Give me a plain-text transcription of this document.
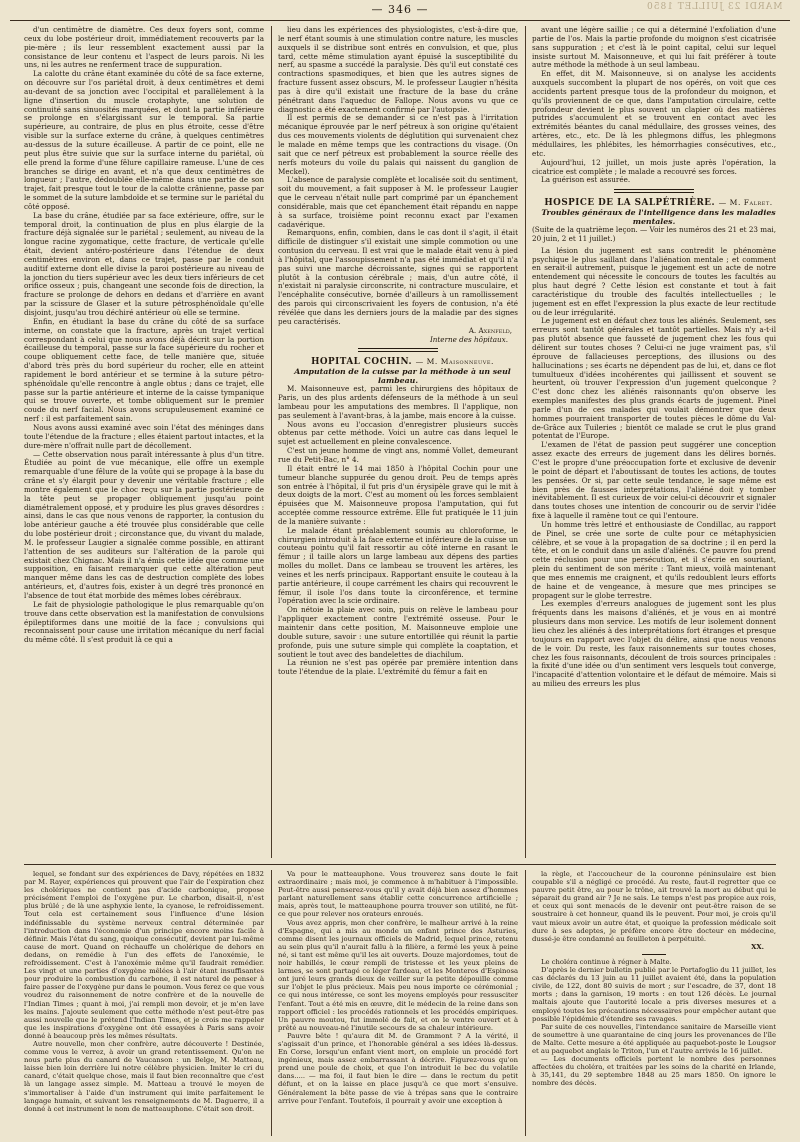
MARDI 23 JUILLET 1850
— 346 —

d'un centimètre de diamètre. Ces deux foyers sont, comme ceux du lobe postérieur droit, immédiatement recouverts par la pie-mère ; ils leur ressemblent exactement aussi par la consistance de leur contenu et l'aspect de leurs parois. Ni les uns, ni les autres ne renferment trace de suppuration.

La calotte du crâne étant examinée du côté de sa face externe, on découvre sur l'os pariétal droit, à deux centimètres et demi au-devant de sa jonction avec l'occipital et parallèlement à la ligne d'insertion du muscle crotaphyte, une solution de continuité sans sinuosités marquées, et dont la partie inférieure se prolonge en s'élargissant sur le temporal. Sa partie supérieure, au contraire, de plus en plus étroite, cesse d'être visible sur la surface externe du crâne, à quelques centimètres au-dessus de la suture écailleuse. A partir de ce point, elle ne peut plus être suivie que sur la surface interne du pariétal, où elle prend la forme d'une fêlure capillaire rameuse. L'une de ces branches se dirige en avant, et n'a que deux centimètres de longueur ; l'autre, dédoublée elle-même dans une partie de son trajet, fait presque tout le tour de la calotte crânienne, passe par le sommet de la suture lambdoïde et se termine sur le pariétal du côté opposé.

La base du crâne, étudiée par sa face extérieure, offre, sur le temporal droit, la continuation de plus en plus élargie de la fracture déjà signalée sur le pariétal ; seulement, au niveau de la longue racine zygomatique, cette fracture, de verticale qu'elle était, devient antéro-postérieure dans l'étendue de deux centimètres environ et, dans ce trajet, passe par le conduit auditif externe dont elle divise la paroi postérieure au niveau de la jonction du tiers supérieur avec les deux tiers inférieurs de cet orifice osseux ; puis, changeant une seconde fois de direction, la fracture se prolonge de dehors en dedans et d'arrière en avant par la scissure de Glaser et la suture pétrosphénoïdale qu'elle disjoint, jusqu'au trou déchiré antérieur où elle se termine.

Enfin, en étudiant la base du crâne du côté de sa surface interne, on constate que la fracture, après un trajet vertical correspondant à celui que nous avons déjà décrit sur la portion écailleuse du temporal, passe sur la face supérieure du rocher et coupe obliquement cette face, de telle manière que, située d'abord très près du bord supérieur du rocher, elle en atteint rapidement le bord antérieur et se termine à la suture pétro-sphénoïdale qu'elle rencontre à angle obtus ; dans ce trajet, elle passe sur la partie antérieure et interne de la caisse tympanique qui se trouve ouverte, et tombe obliquement sur le premier coude du nerf facial. Nous avons scrupuleusement examiné ce nerf : il est parfaitement sain.

Nous avons aussi examiné avec soin l'état des méninges dans toute l'étendue de la fracture ; elles étaient partout intactes, et la dure-mère n'offrait nulle part de décollement.

— Cette observation nous paraît intéressante à plus d'un titre. Étudiée au point de vue mécanique, elle offre un exemple remarquable d'une fêlure de la voûte qui se propage à la base du crâne et s'y élargit pour y devenir une véritable fracture ; elle montre également que le choc reçu sur la partie postérieure de la tête peut se propager obliquement jusqu'au point diamétralement opposé, et y produire les plus graves désordres : ainsi, dans le cas que nous venons de rapporter, la contusion du lobe antérieur gauche a été trouvée plus considérable que celle du lobe postérieur droit ; circonstance que, du vivant du malade, M. le professeur Laugier a signalée comme possible, en attirant l'attention de ses auditeurs sur l'altération de la parole qui existait chez Chignac. Mais il n'a émis cette idée que comme une supposition, en faisant remarquer que cette altération peut manquer même dans les cas de destruction complète des lobes antérieurs, et, d'autres fois, exister à un degré très prononcé en l'absence de tout état morbide des mêmes lobes cérébraux.

Le fait de physiologie pathologique le plus remarquable qu'on trouve dans cette observation est la manifestation de convulsions épileptiformes dans une moitié de la face ; convulsions qui reconnaissent pour cause une irritation mécanique du nerf facial du même côté. Il s'est produit là ce qui a

lieu dans les expériences des physiologistes, c'est-à-dire que, le nerf étant soumis à une stimulation contre nature, les muscles auxquels il se distribue sont entrés en convulsion, et que, plus tard, cette même stimulation ayant épuisé la susceptibilité du nerf, au spasme a succédé la paralysie. Dès qu'il eut constaté ces contractions spasmodiques, et bien que les autres signes de fracture fussent assez obscurs, M. le professeur Laugier n'hésita pas à dire qu'il existait une fracture de la base du crâne pénétrant dans l'aqueduc de Fallope. Nous avons vu que ce diagnostic a été exactement confirmé par l'autopsie.

Il est permis de se demander si ce n'est pas à l'irritation mécanique éprouvée par le nerf pétreux à son origine qu'étaient dus ces mouvements violents de déglutition qui survenaient chez le malade en même temps que les contractions du visage. (On sait que ce nerf pétreux est probablement la source réelle des nerfs moteurs du voile du palais qui naissent du ganglion de Meckel).

L'absence de paralysie complète et localisée soit du sentiment, soit du mouvement, a fait supposer à M. le professeur Laugier que le cerveau n'était nulle part comprimé par un épanchement considérable, mais que cet épanchement était répandu en nappe à sa surface, troisième point reconnu exact par l'examen cadavérique.

Remarquons, enfin, combien, dans le cas dont il s'agit, il était difficile de distinguer s'il existait une simple commotion ou une contusion du cerveau. Il est vrai que le malade était venu à pied à l'hôpital, que l'assoupissement n'a pas été immédiat et qu'il n'a pas suivi une marche décroissante, signes qui se rapportent plutôt à la contusion cérébrale ; mais, d'un autre côté, il n'existait ni paralysie circonscrite, ni contracture musculaire, et l'encéphalite consécutive, bornée d'ailleurs à un ramollissement des parois qui circonscrivaient les foyers de contusion, n'a été révélée que dans les derniers jours de la maladie par des signes peu caractérisés.

A. Axenfeld,

Interne des hôpitaux.

HOPITAL COCHIN. — M. Maisonneuve.

Amputation de la cuisse par la méthode à un seul lambeau.

M. Maisonneuve est, parmi les chirurgiens des hôpitaux de Paris, un des plus ardents défenseurs de la méthode à un seul lambeau pour les amputations des membres. Il l'applique, non pas seulement à l'avant-bras, à la jambe, mais encore à la cuisse.

Nous avons eu l'occasion d'enregistrer plusieurs succès obtenus par cette méthode. Voici un autre cas dans lequel le sujet est actuellement en pleine convalescence.

C'est un jeune homme de vingt ans, nommé Vollet, demeurant rue du Petit-Bac, n° 4.

Il était entré le 14 mai 1850 à l'hôpital Cochin pour une tumeur blanche suppurée du genou droit. Peu de temps après son entrée à l'hôpital, il fut pris d'un érysipèle grave qui le mit à deux doigts de la mort. C'est au moment où les forces semblaient épuisées que M. Maisonneuve proposa l'amputation, qui fut acceptée comme ressource extrême. Elle fut pratiquée le 11 juin de la manière suivante :

Le malade étant préalablement soumis au chloroforme, le chirurgien introduit à la face externe et inférieure de la cuisse un couteau pointu qu'il fait ressortir au côté interne en rasant le fémur ; il taille alors un large lambeau aux dépens des parties molles du mollet. Dans ce lambeau se trouvent les artères, les veines et les nerfs principaux. Rapportant ensuite le couteau à la partie antérieure, il coupe carrément les chairs qui recouvrent le fémur, il isole l'os dans toute la circonférence, et termine l'opération avec la scie ordinaire.

On nétoie la plaie avec soin, puis on relève le lambeau pour l'appliquer exactement contre l'extrémité osseuse. Pour le maintenir dans cette position, M. Maisonneuve emploie une double suture, savoir : une suture entortillée qui réunit la partie profonde, puis une suture simple qui complète la coaptation, et soutient le tout avec des bandelettes de diachilum.

La réunion ne s'est pas opérée par première intention dans toute l'étendue de la plaie. L'extrémité du fémur a fait en

avant une légère saillie ; ce qui a déterminé l'exfoliation d'une partie de l'os. Mais la partie profonde du moignon s'est cicatrisée sans suppuration ; et c'est là le point capital, celui sur lequel insiste surtout M. Maisonneuve, et qui lui fait préférer à toute autre méthode la méthode à un seul lambeau.

En effet, dit M. Maisonneuve, si on analyse les accidents auxquels succombent la plupart de nos opérés, on voit que ces accidents partent presque tous de la profondeur du moignon, et qu'ils proviennent de ce que, dans l'amputation circulaire, cette profondeur devient le plus souvent un clapier où des matières putrides s'accumulent et se trouvent en contact avec les extrémités béantes du canal médullaire, des grosses veines, des artères, etc., etc. De là les phlegmons diffus, les phlegmons médullaires, les phlébites, les hémorrhagies consécutives, etc., etc.

Aujourd'hui, 12 juillet, un mois juste après l'opération, la cicatrice est complète ; le malade a recouvré ses forces.

La guérison est assurée.

HOSPICE DE LA SALPÉTRIÈRE. — M. Falret.

Troubles généraux de l'intelligence dans les maladies mentales.

(Suite de la quatrième leçon. — Voir les numéros des 21 et 23 mai, 20 juin, 2 et 11 juillet.)

La lésion du jugement est sans contredit le phénomène psychique le plus saillant dans l'aliénation mentale ; et comment en serait-il autrement, puisque le jugement est un acte de notre entendement qui nécessite le concours de toutes les facultés au plus haut degré ? Cette lésion est constante et tout à fait caractéristique du trouble des facultés intellectuelles ; le jugement est en effet l'expression la plus exacte de leur rectitude ou de leur irrégularité.

Le jugement est en défaut chez tous les aliénés. Seulement, ses erreurs sont tantôt générales et tantôt partielles. Mais n'y a-t-il pas plutôt absence que fausseté de jugement chez les fous qui délirent sur toutes choses ? Celui-ci ne juge vraiment pas, s'il éprouve de fallacieuses perceptions, des illusions ou des hallucinations ; ses écarts ne dépendent pas de lui, et, dans ce flot tumultueux d'idées incohérentes qui jaillissent et souvent se heurtent, où trouver l'expression d'un jugement quelconque ? C'est donc chez les aliénés raisonnants qu'on observe les exemples manifestes des plus grands écarts de jugement. Pinel parle d'un de ces malades qui voulait démontrer que deux hommes pourraient transporter de toutes pièces le dôme du Val-de-Grâce aux Tuileries ; bientôt ce malade se crut le plus grand potentat de l'Europe.

L'examen de l'état de passion peut suggérer une conception assez exacte des erreurs de jugement dans les délires bornés. C'est le propre d'une préoccupation forte et exclusive de devenir le point de départ et l'aboutissant de toutes les actions, de toutes les pensées. Or si, par cette seule tendance, le sage même est bien près de fausses interprétations, l'aliéné doit y tomber inévitablement. Il est curieux de voir celui-ci découvrir et signaler dans toutes choses une intention de concourir ou de servir l'idée fixe à laquelle il ramène tout ce qui l'entoure.

Un homme très lettré et enthousiaste de Condillac, au rapport de Pinel, se crée une sorte de culte pour ce métaphysicien célèbre, et se voue à la propagation de sa doctrine ; il en perd la tête, et on le conduit dans un asile d'aliénés. Ce pauvre fou prend cette réclusion pour une persécution, et il s'écrie en souriant, plein du sentiment de son mérite : Tant mieux, voilà maintenant que mes ennemis me craignent, et qu'ils redoublent leurs efforts de haine et de vengeance, à mesure que mes principes se propagent sur le globe terrestre.

Les exemples d'erreurs analogues de jugement sont les plus fréquents dans les maisons d'aliénés, et je vous en ai montré plusieurs dans mon service. Les motifs de leur isolement donnent lieu chez les aliénés à des interprétations fort étranges et presque toujours en rapport avec l'objet du délire, ainsi que nous venons de le voir. Du reste, les faux raisonnements sur toutes choses, chez les fous raisonnants, découlent de trois sources principales : la fixité d'une idée ou d'un sentiment vers lesquels tout converge, l'incapacité d'attention volontaire et le défaut de mémoire. Mais si au milieu des erreurs les plus

lequel, se fondant sur des expériences de Davy, répétées en 1832 par M. Rayer, expériences qui prouvent que l'air de l'expiration chez les cholériques ne contient pas d'acide carbonique, propose précisément l'emploi de l'oxygène pur. Le charbon, disait-il, n'est plus brûlé ; de là une asphyxie lente, la cyanose, le refroidissement. Tout cela est certainement sous l'influence d'une lésion indéfinissable du système nerveux central déterminée par l'introduction dans l'économie d'un principe encore moins facile à définir. Mais l'état du sang, quoique consécutif, devient par lui-même cause de mort. Quand on réchauffe un cholérique de dehors en dedans, on remédie à l'un des effets de l'anoxémie, le refroidissement. C'est à l'anoxémie même qu'il faudrait remédier. Les vingt et une parties d'oxygène mêlées à l'air étant insuffisantes pour produire la combustion du carbone, il est naturel de penser à faire passer de l'oxygène pur dans le poumon. Vous ferez ce que vous voudrez du raisonnement de notre confrère et de la nouvelle de l'Indian Times ; quant à moi, j'ai rempli mon devoir, et je m'en lave les mains. J'ajoute seulement que cette méthode n'est peut-être pas aussi nouvelle que le prétend l'Indian Times, et je crois me rappeler que les inspirations d'oxygène ont été essayées à Paris sans avoir donné à beaucoup près les mêmes résultats.

Autre nouvelle, mon cher confrère, autre découverte ! Destinée, comme vous le verrez, à avoir un grand retentissement. Qu'on ne nous parle plus du canard de Vaucanson : un Belge, M. Matteau, laisse bien loin derrière lui notre célèbre physicien. Imiter le cri du canard, c'était quelque chose, mais il faut bien reconnaître que c'est là un langage assez simple. M. Matteau a trouvé le moyen de s'immortaliser à l'aide d'un instrument qui imite parfaitement le langage humain, et suivant les renseignements de M. Daguerre, il a donné à cet instrument le nom de matteauphone. C'était son droit.

Va pour le matteauphone. Vous trouverez sans doute le fait extraordinaire ; mais moi, je commence à m'habituer à l'impossible. Peut-être aussi penserez-vous qu'il y avait déjà bien assez d'hommes parlant naturellement sans établir cette concurrence artificielle ; mais, après tout, le matteauphone pourra trouver son utilité, ne fût-ce que pour relever nos orateurs enroués.

Vous avez appris, mon cher confrère, le malheur arrivé à la reine d'Espagne, qui a mis au monde un enfant prince des Asturies, comme disent les journaux officiels de Madrid, lequel prince, retenu au sein plus qu'il n'aurait fallu à la filière, a fermé les yeux à peine né, si tant est même qu'il les ait ouverts. Douze majordomes, tout de noir habillés, le cœur rempli de tristesse et les yeux pleins de larmes, se sont partagé ce léger fardeau, et les Monteros d'Espinosa ont juré leurs grands dieux de veiller sur la petite dépouille comme sur l'objet le plus précieux. Mais peu nous importe ce cérémonial ; ce qui nous intéresse, ce sont les moyens employés pour ressusciter l'enfant. Tout a été mis en œuvre, dit le médecin de la reine dans son rapport officiel : les procédés rationnels et les procédés empiriques. Un pauvre moutou, fut immolé de fait, et on le ventre ouvert et à prêté au nouveau-né l'inutile secours de sa chaleur intérieure.

Pauvre bête ! qu'aura dit M. de Grammont ? A la vérité, il s'agissait d'un prince, et l'honorable général a ses idées là-dessus. En Corse, lorsqu'un enfant vient mort, on emploie un procédé fort ingénieux, mais assez embarrassant à décrire. Figurez-vous qu'on prend une poule de choix, et que l'on introduit le bec du volatile dans..... — ma foi, il faut bien le dire — dans le rectum du petit défunt, et on la laisse en place jusqu'à ce que mort s'ensuive. Généralement la bête passe de vie à trépas sans que le contraire arrive pour l'enfant. Toutefois, il pourrait y avoir une exception à

la règle, et l'accoucheur de la couronne péninsulaire est bien coupable s'il a négligé ce procédé. Au reste, faut-il regretter que ce pauvre petit être, au pour le trône, ait trouvé la mort au début qui le séparait du grand air ? Je ne sais. Le temps n'est pas propice aux rois, et ceux qui sont menacés de le devenir ont peut-être raison de se soustraire à cet honneur, quand ils le peuvent. Pour moi, je crois qu'il vaut mieux avoir un autre état, et quoique la profession médicale soit dure à ses adeptes, je préfère encore être docteur en médecine, dussé-je être condamné au feuilleton à perpétuité.

XX.

Le choléra continue à régner à Malte.

D'après le dernier bulletin publié par le Portafoglio du 11 juillet, les cas déclarés du 13 juin au 11 juillet avaient été, dans la population civile, de 122, dont 80 suivis de mort ; sur l'escadre, de 37, dont 18 morts ; dans la garnison, 19 morts : en tout 126 décès. Le journal maltais ajoute que l'autorité locale a pris diverses mesures et a employé toutes les précautions nécessaires pour empêcher autant que possible l'épidémie d'étendre ses ravages.

Par suite de ces nouvelles, l'intendance sanitaire de Marseille vient de soumettre à une quarantaine de cinq jours les provenances de l'île de Malte. Cette mesure a été appliquée au paquebot-poste le Lougsor et au paquebot anglais le Triton, l'un et l'autre arrivés le 16 juillet.

— Les documents officiels portent le nombre des personnes affectées du choléra, et traitées par les soins de la charité en Irlande, à 35,141, du 29 septembre 1848 au 25 mars 1850. On ignore le nombre des décès.
